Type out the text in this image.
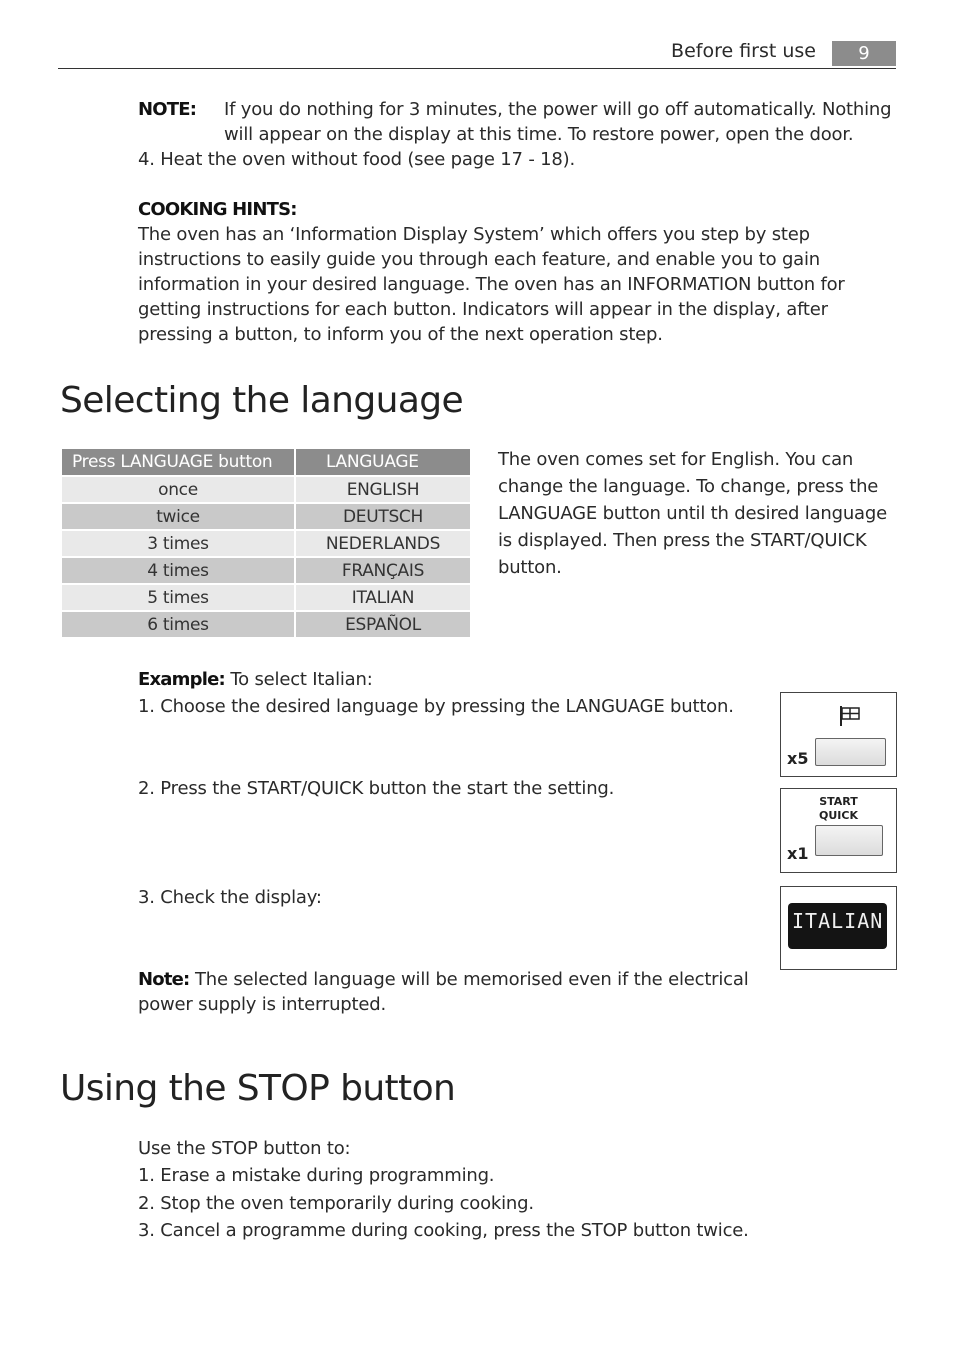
Before first use	9
NOTE: If you do nothing for 3 minutes, the power will go off automatically. Nothing
will appear on the display at this time. To restore power, open the door.
4. Heat the oven without food (see page 17 - 18).
COOKING HINTS:
The oven has an ‘Information Display System’ which offers you step by step
instructions to easily guide you through each feature, and enable you to gain
information in your desired language. The oven has an INFORMATION button for
getting instructions for each button. Indicators will appear in the display, after
pressing a button, to inform you of the next operation step.
Selecting the language
Press LANGUAGE button	LANGUAGE
once	ENGLISH
twice	DEUTSCH
3 times	NEDERLANDS
4 times	FRANÇAIS
5 times	ITALIAN
6 times	ESPAÑOL
The oven comes set for English. You can
change the language. To change, press the
LANGUAGE button until th desired language
is displayed. Then press the START/QUICK
button.
Example: To select Italian:
1. Choose the desired language by pressing the LANGUAGE button.
2. Press the START/QUICK button the start the setting.
3. Check the display:
x5
START
QUICK
x1
ITALIAN
Note: The selected language will be memorised even if the electrical
power supply is interrupted.
Using the STOP button
Use the STOP button to:
1. Erase a mistake during programming.
2. Stop the oven temporarily during cooking.
3. Cancel a programme during cooking, press the STOP button twice.
